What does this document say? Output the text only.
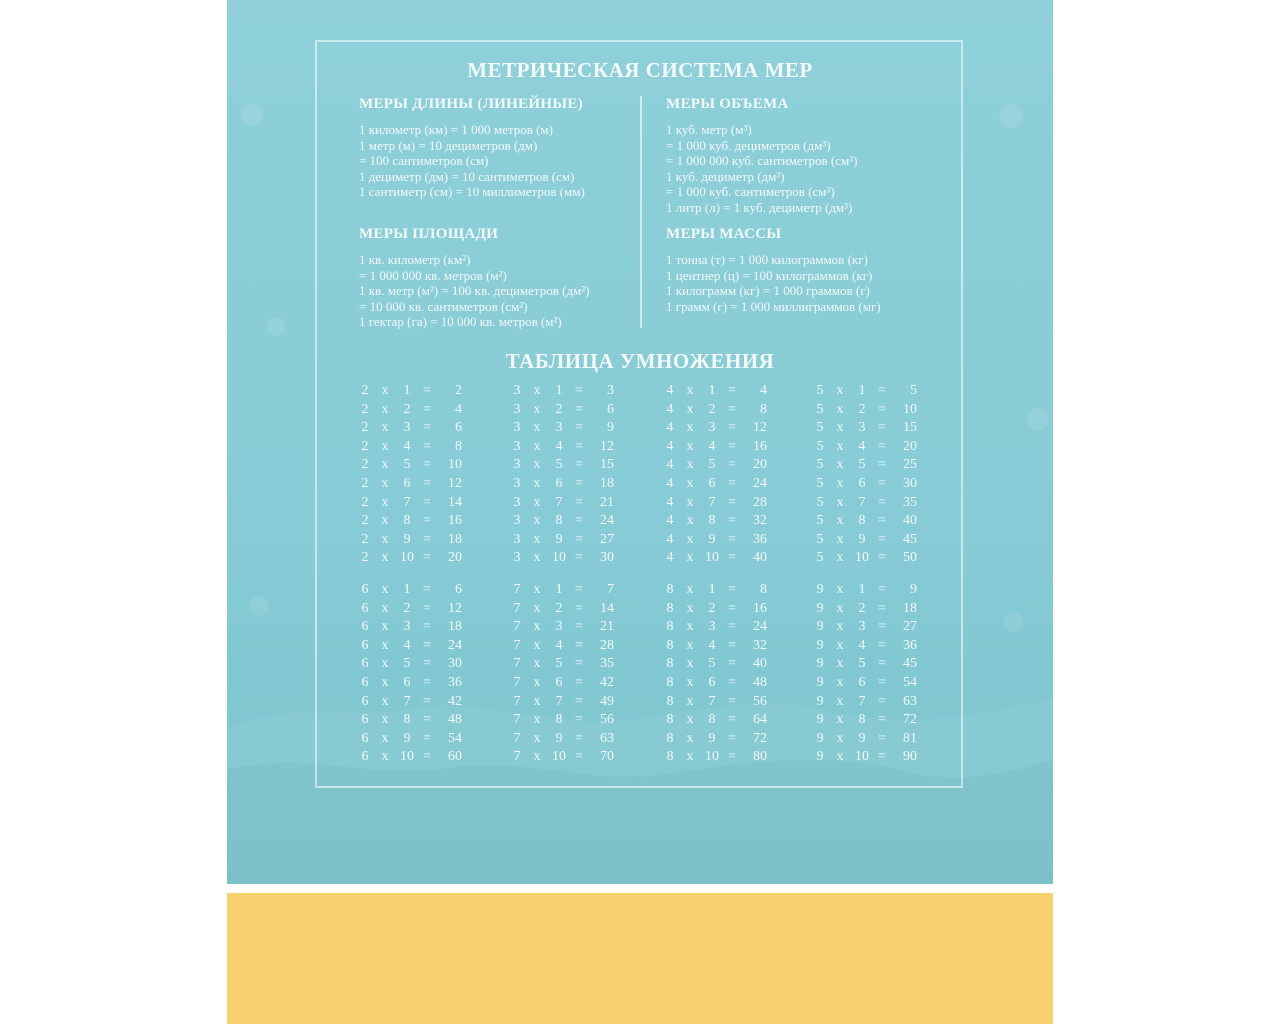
МЕТРИЧЕСКАЯ СИСТЕМА МЕР
МЕРЫ ДЛИНЫ (ЛИНЕЙНЫЕ)
1 километр (км) = 1 000 метров (м)
1 метр (м) = 10 дециметров (дм)
= 100 сантиметров (см)
1 дециметр (дм) = 10 сантиметров (см)
1 сантиметр (см) = 10 миллиметров (мм)
МЕРЫ ОБЪЕМА
1 куб. метр (м³)
= 1 000 куб. дециметров (дм³)
= 1 000 000 куб. сантиметров (см³)
1 куб. дециметр (дм³)
= 1 000 куб. сантиметров (см³)
1 литр (л) = 1 куб. дециметр (дм³)
МЕРЫ ПЛОЩАДИ
1 кв. километр (км²)
= 1 000 000 кв. метров (м²)
1 кв. метр (м²) = 100 кв. дециметров (дм²)
= 10 000 кв. сантиметров (см²)
1 гектар (га) = 10 000 кв. метров (м²)
МЕРЫ МАССЫ
1 тонна (т) = 1 000 килограммов (кг)
1 центнер (ц) = 100 килограммов (кг)
1 килограмм (кг) = 1 000 граммов (г)
1 грамм (г) = 1 000 миллиграммов (мг)
ТАБЛИЦА УМНОЖЕНИЯ
2 x 1 =	2
2 x 2 =	4
2 x 3 =	6
2 x 4 =	8
2 x 5 =	10
2 x 6 =	12
2 x 7 =	14
2 x 8 =	16
2 x 9 =	18
2 x 10 =	20
3 x 1 =	3
3 x 2 =	6
3 x 3 =	9
3 x 4 =	12
3 x 5 =	15
3 x 6 =	18
3 x 7 =	21
3 x 8 =	24
3 x 9 =	27
3 x 10 =	30
4 x 1 =	4
4 x 2 =	8
4 x 3 =	12
4 x 4 =	16
4 x 5 =	20
4 x 6 =	24
4 x 7 =	28
4 x 8 =	32
4 x 9 =	36
4 x 10 =	40
5 x 1 =	5
5 x 2 =	10
5 x 3 =	15
5 x 4 =	20
5 x 5 =	25
5 x 6 =	30
5 x 7 =	35
5 x 8 =	40
5 x 9 =	45
5 x 10 =	50
6 x 1 =	6
6 x 2 =	12
6 x 3 =	18
6 x 4 =	24
6 x 5 =	30
6 x 6 =	36
6 x 7 =	42
6 x 8 =	48
6 x 9 =	54
6 x 10 =	60
7 x 1 =	7
7 x 2 =	14
7 x 3 =	21
7 x 4 =	28
7 x 5 =	35
7 x 6 =	42
7 x 7 =	49
7 x 8 =	56
7 x 9 =	63
7 x 10 =	70
8 x 1 =	8
8 x 2 =	16
8 x 3 =	24
8 x 4 =	32
8 x 5 =	40
8 x 6 =	48
8 x 7 =	56
8 x 8 =	64
8 x 9 =	72
8 x 10 =	80
9 x 1 =	9
9 x 2 =	18
9 x 3 =	27
9 x 4 =	36
9 x 5 =	45
9 x 6 =	54
9 x 7 =	63
9 x 8 =	72
9 x 9 =	81
9 x 10 =	90
